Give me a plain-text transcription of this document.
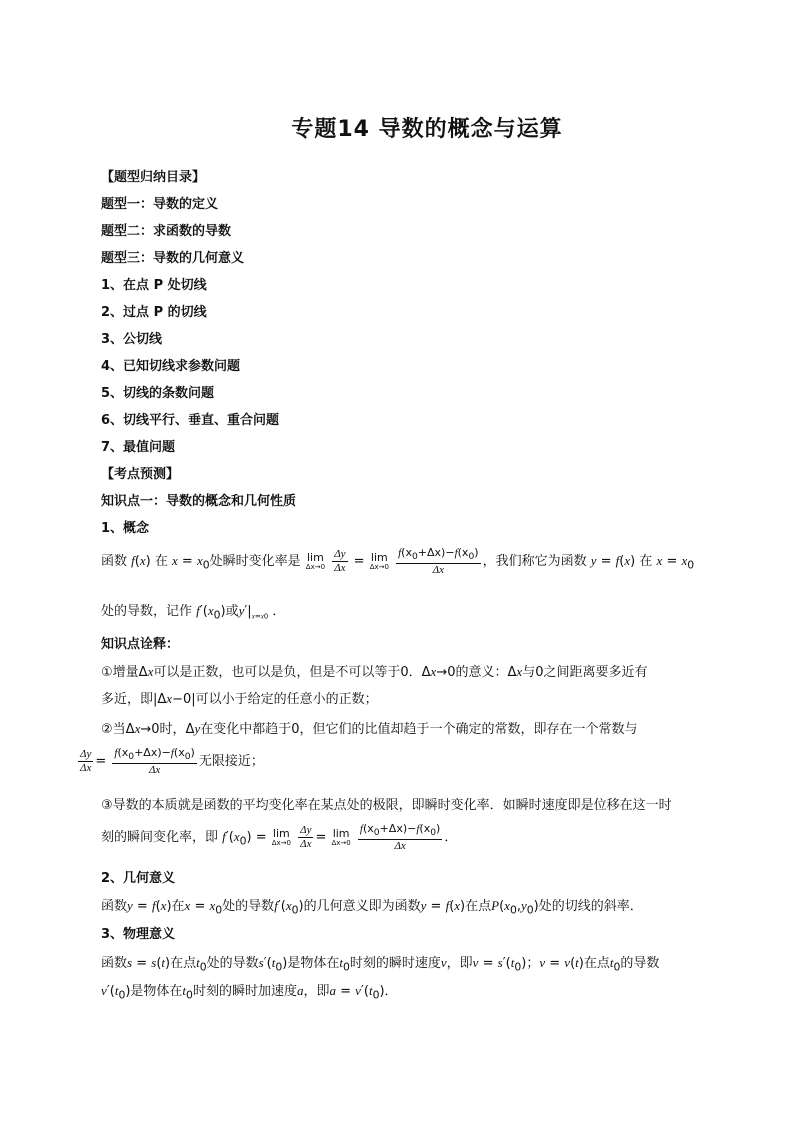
专题14 导数的概念与运算
【题型归纳目录】
题型一：导数的定义
题型二：求函数的导数
题型三：导数的几何意义
1、在点 P 处切线
2、过点 P 的切线
3、公切线
4、已知切线求参数问题
5、切线的条数问题
6、切线平行、垂直、重合问题
7、最值问题
【考点预测】
知识点一：导数的概念和几何性质
1、概念
函数 f(x) 在 $x = x_0$处瞬时变化率是 lim
Δx→0
$\frac{\Delta y}{\Delta x} = \lim$
Δx→0
$\frac{f(x_0+\Delta x)-f(x_0)}{\Delta x}$ ，我们称它为函数 y = f(x) 在 $x = x_0$
处的导数，记作 $f'(x_0)$或$y'|_{x=x0}$ ．
知识点诠释：
①增量Δx可以是正数，也可以是负，但是不可以等于0．Δx→0的意义：Δx与0之间距离要多近有
多近，即|Δx−0|可以小于给定的任意小的正数；
②当Δx→0时，Δy在变化中都趋于0，但它们的比值却趋于一个确定的常数，即存在一个常数与
$\frac{\Delta y}{\Delta x} = \frac{f(x_0+\Delta x)-f(x_0)}{\Delta x}$ 无限接近；
③导数的本质就是函数的平均变化率在某点处的极限，即瞬时变化率．如瞬时速度即是位移在这一时
刻的瞬间变化率，即 $f'(x_0) = \lim$
Δx→0
$\frac{\Delta y}{\Delta x} = \lim$
Δx→0
$\frac{f(x_0+\Delta x)-f(x_0)}{\Delta x}$ ．
2、几何意义
函数y = f(x)在$x = x_0$处的导数$f'(x_0)$的几何意义即为函数y = f(x)在点$P(x_0,y_0)$处的切线的斜率．
3、物理意义
函数s = s(t)在点$t_0$处的导数$s'(t_0)$是物体在$t_0$时刻的瞬时速度v，即$v = s'(t_0)$；v = v(t)在点$t_0$的导数
$v'(t_0)$是物体在$t_0$时刻的瞬时加速度a，即$a = v'(t_0)$．
